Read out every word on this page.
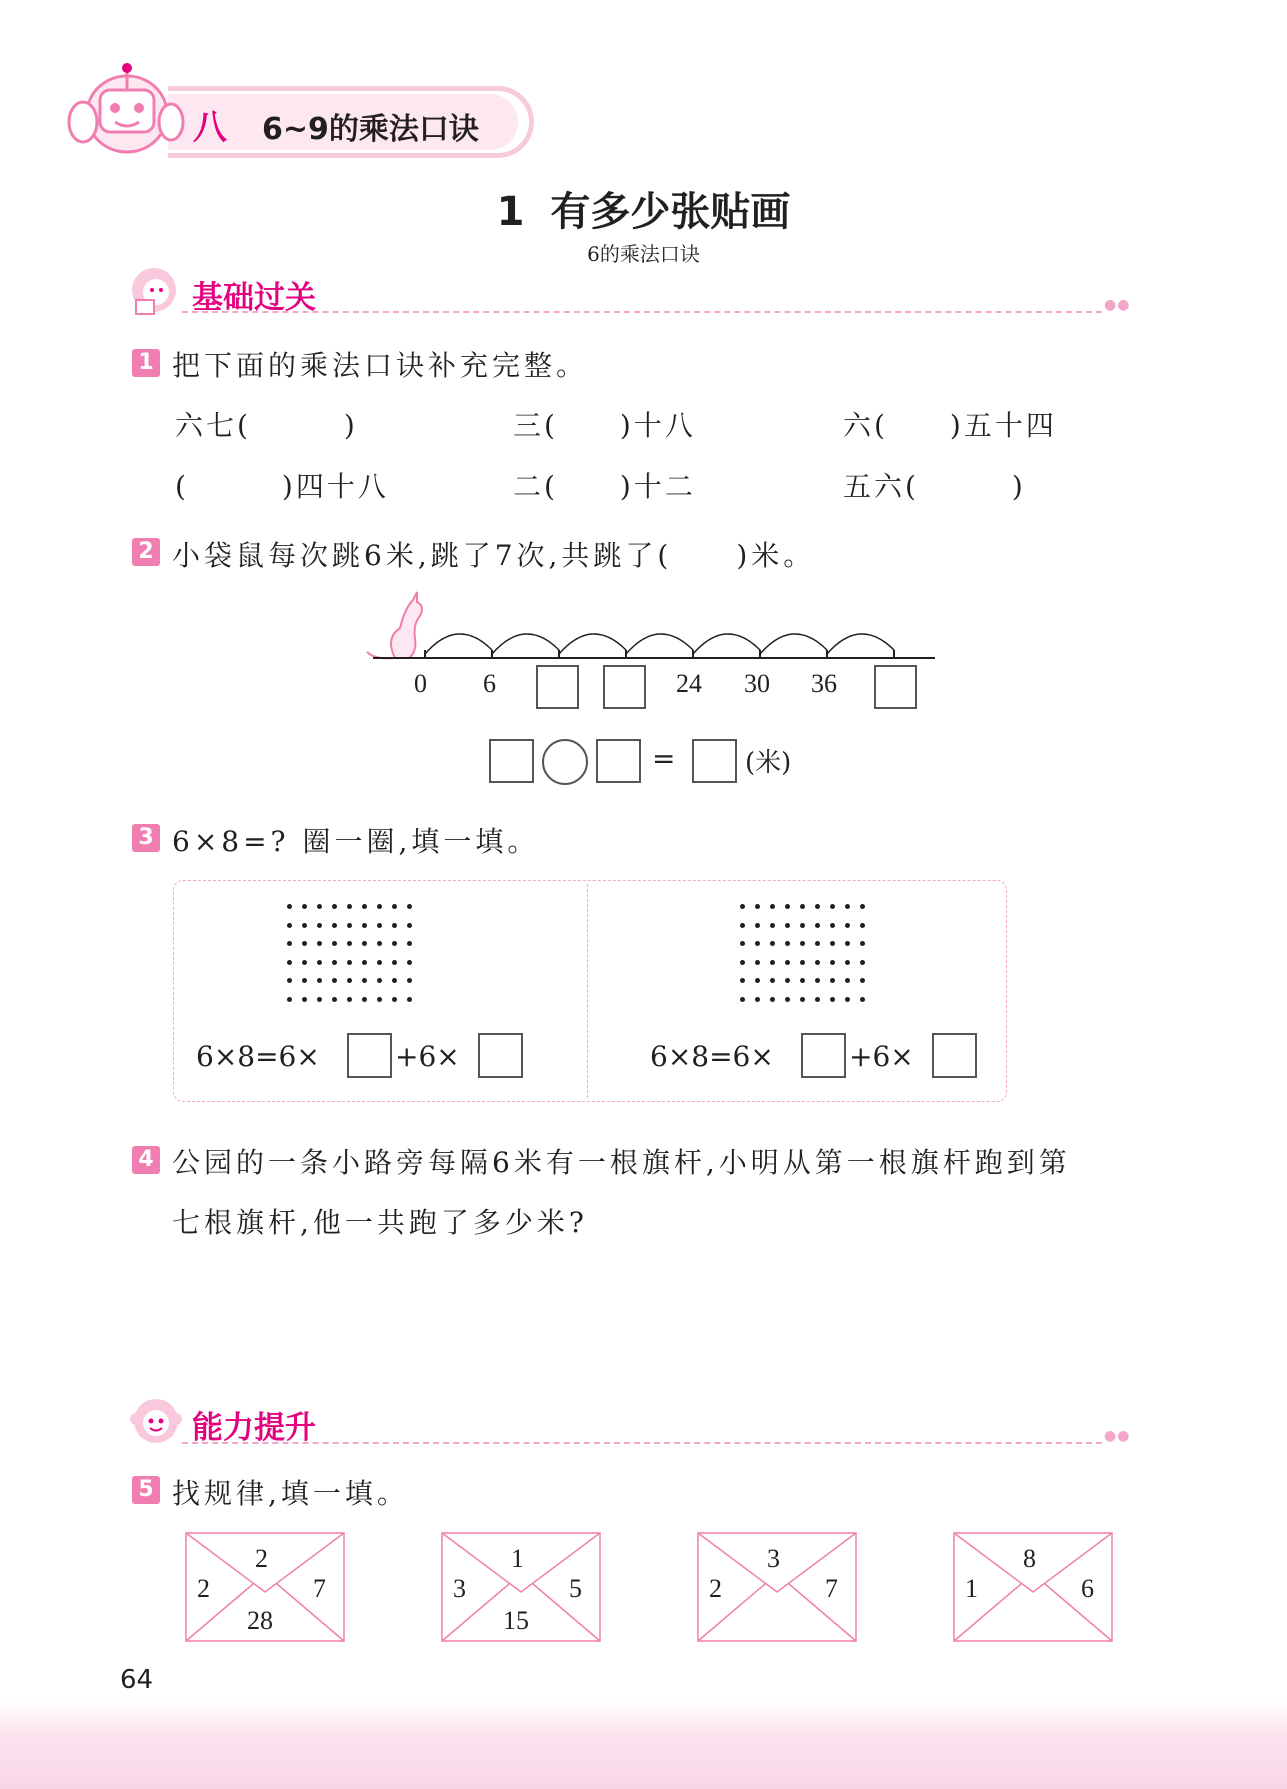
八 6~9的乘法口诀
1 有多少张贴画
6的乘法口诀
基础过关	●●
1 把下面的乘法口诀补充完整。
六七(　　　)	三(　　)十八	六(　　)五十四
(　　　)四十八	二(　　)十二	五六(　　　)
2 小袋鼠每次跳6米,跳了7次,共跳了(　　)米。
0 6	24 30 36
=	(米)
3 6×8=? 圈一圈,填一填。
6×8=6×	+6×	6×8=6×	+6×
4 公园的一条小路旁每隔6米有一根旗杆,小明从第一根旗杆跑到第
七根旗杆,他一共跑了多少米?
能力提升	●●
5 找规律,填一填。
2
2	7
28
1
3	5
15
3
2	7
8
1	6
64
